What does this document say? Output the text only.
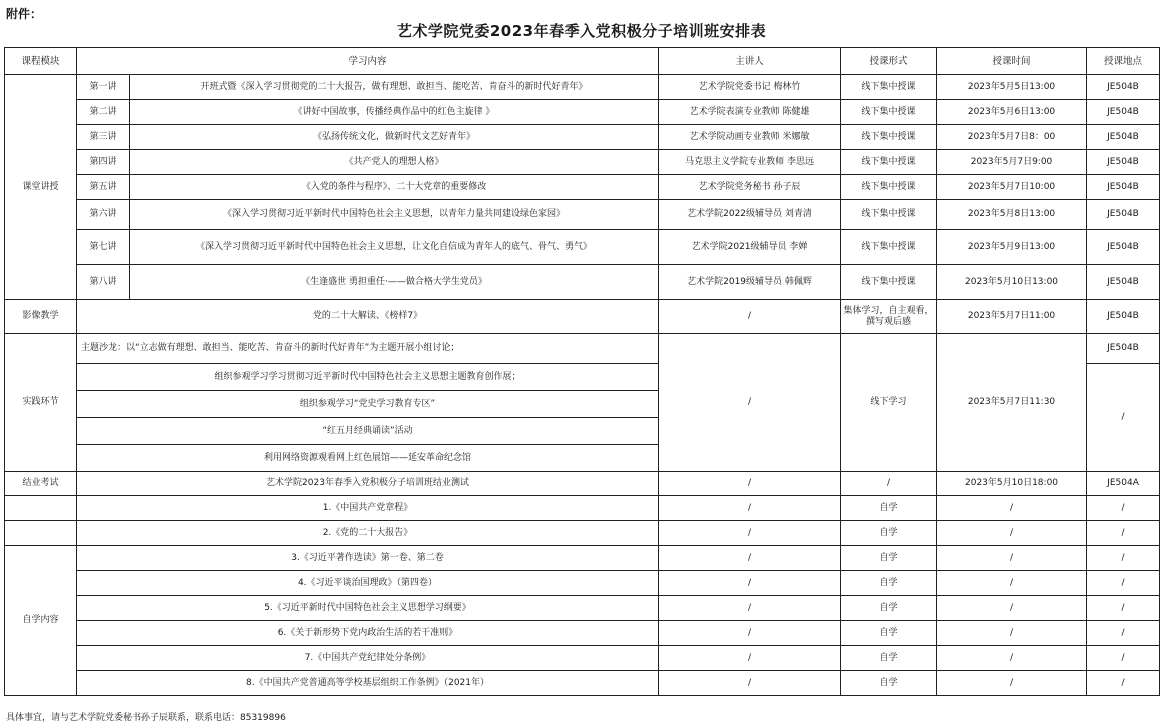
附件：
艺术学院党委2023年春季入党积极分子培训班安排表
课程模块	学习内容		主讲人	授课形式	授课时间	授课地点
课堂讲授	第一讲	开班式暨《深入学习贯彻党的二十大报告，做有理想、敢担当、能吃苦、肯奋斗的新时代好青年》	艺术学院党委书记 梅林竹	线下集中授课	2023年5月5日13:00	JE504B
	第二讲	《讲好中国故事，传播经典作品中的红色主旋律 》	艺术学院表演专业教师 陈健雄	线下集中授课	2023年5月6日13:00	JE504B
	第三讲	《弘扬传统文化，做新时代文艺好青年》	艺术学院动画专业教师 米娜敏	线下集中授课	2023年5月7日8：00	JE504B
	第四讲	《共产党人的理想人格》	马克思主义学院专业教师 李思远	线下集中授课	2023年5月7日9:00	JE504B
	第五讲	《入党的条件与程序》、二十大党章的重要修改	艺术学院党务秘书 孙子辰	线下集中授课	2023年5月7日10:00	JE504B
	第六讲	《深入学习贯彻习近平新时代中国特色社会主义思想，以青年力量共同建设绿色家园》	艺术学院2022级辅导员 刘青清	线下集中授课	2023年5月8日13:00	JE504B
	第七讲	《深入学习贯彻习近平新时代中国特色社会主义思想，让文化自信成为青年人的底气、骨气、勇气》	艺术学院2021级辅导员 李婵	线下集中授课	2023年5月9日13:00	JE504B
	第八讲	《生逢盛世 勇担重任·——做合格大学生党员》	艺术学院2019级辅导员 韩佩辉	线下集中授课	2023年5月10日13:00	JE504B
影像教学	党的二十大解读、《榜样7》		/	集体学习，自主观看，撰写观后感	2023年5月7日11:00	JE504B
实践环节	主题沙龙：以“立志做有理想、敢担当、能吃苦、肯奋斗的新时代好青年”为主题开展小组讨论；		/	线下学习	2023年5月7日11:30	JE504B
	组织参观学习学习贯彻习近平新时代中国特色社会主义思想主题教育创作展；					/
	组织参观学习“党史学习教育专区”					
	“红五月经典诵读”活动					
	利用网络资源观看网上红色展馆——延安革命纪念馆					
结业考试	艺术学院2023年春季入党积极分子培训班结业测试		/	/	2023年5月10日18:00	JE504A
	1.《中国共产党章程》		/	自学	/	/
	2.《党的二十大报告》		/	自学	/	/
自学内容	3.《习近平著作选读》第一卷、第二卷		/	自学	/	/
	4.《习近平谈治国理政》（第四卷）		/	自学	/	/
	5.《习近平新时代中国特色社会主义思想学习纲要》		/	自学	/	/
	6.《关于新形势下党内政治生活的若干准则》		/	自学	/	/
	7.《中国共产党纪律处分条例》		/	自学	/	/
	8.《中国共产党普通高等学校基层组织工作条例》（2021年）		/	自学	/	/
具体事宜，请与艺术学院党委秘书孙子辰联系，联系电话：85319896
